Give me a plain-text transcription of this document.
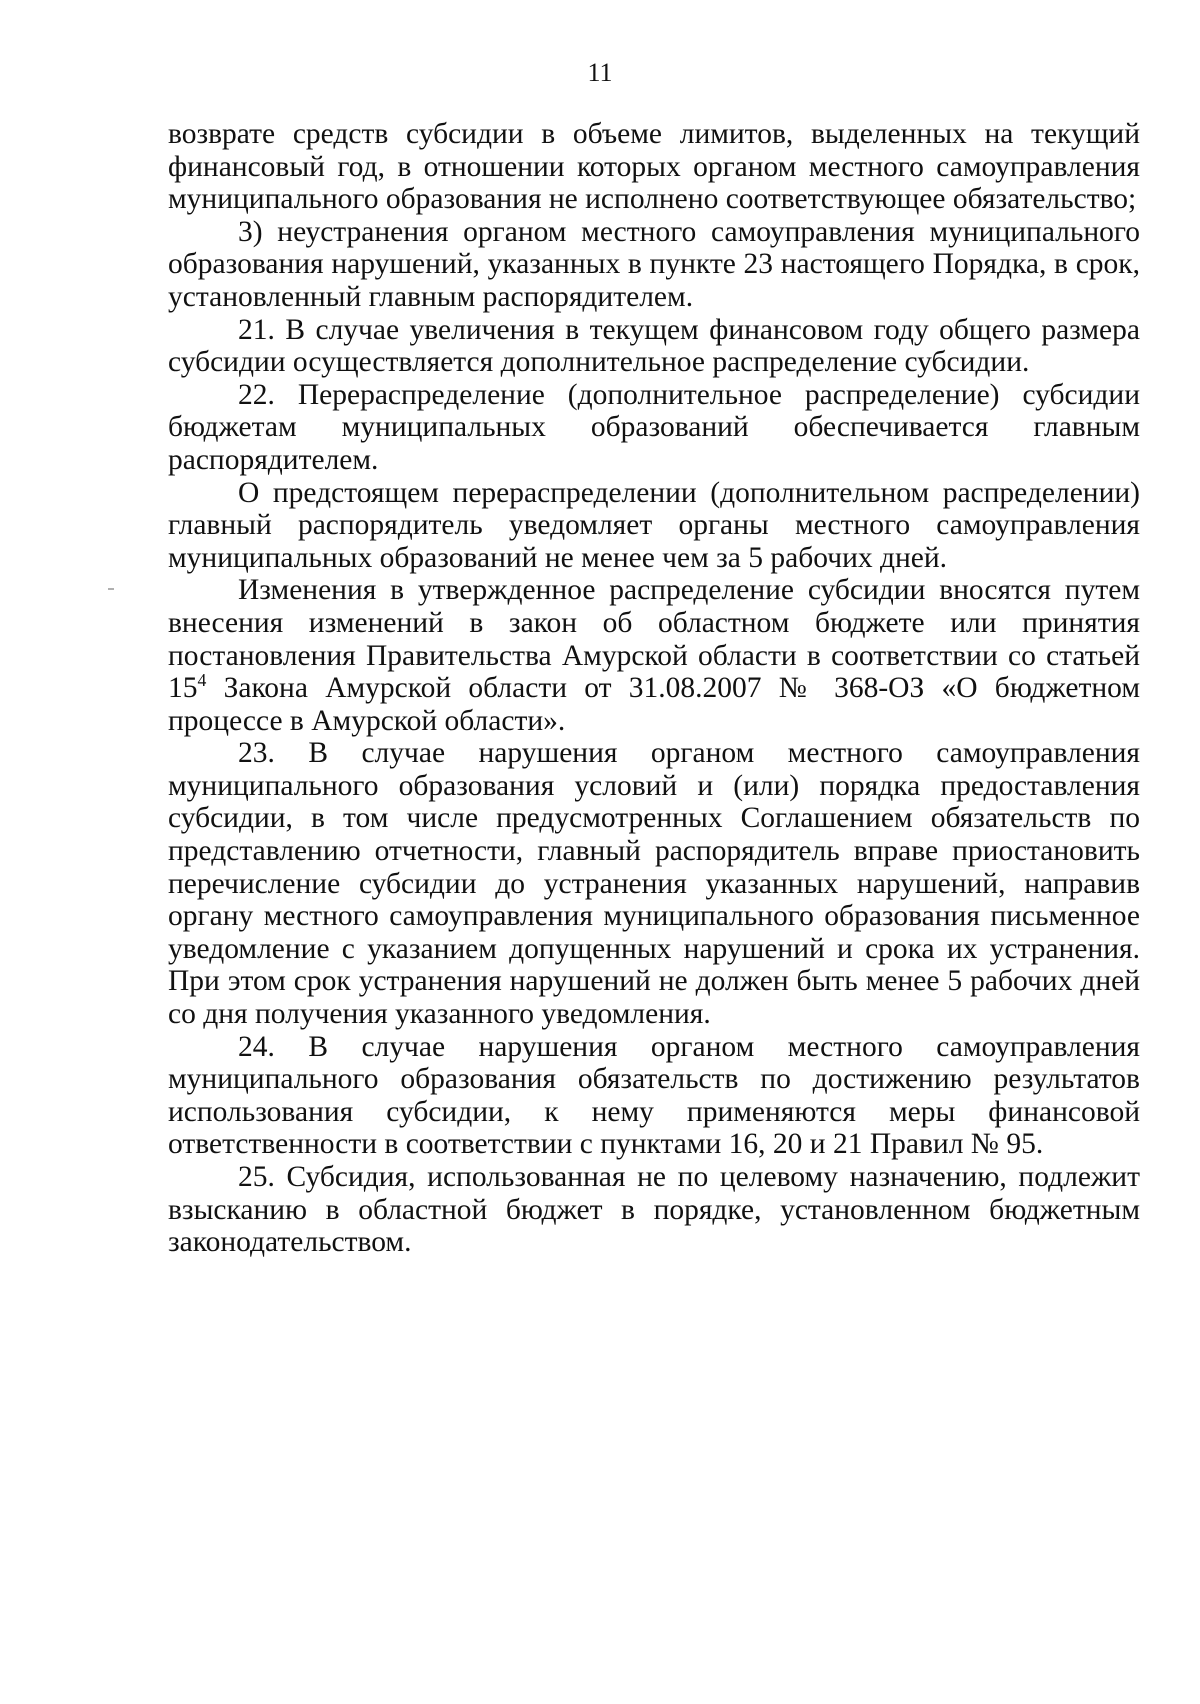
11

возврате средств субсидии в объеме лимитов, выделенных на текущий финансовый год, в отношении которых органом местного самоуправления муниципального образования не исполнено соответствующее обязательство;

3) неустранения органом местного самоуправления муниципального образования нарушений, указанных в пункте 23 настоящего Порядка, в срок, установленный главным распорядителем.

21. В случае увеличения в текущем финансовом году общего размера субсидии осуществляется дополнительное распределение субсидии.

22. Перераспределение (дополнительное распределение) субсидии бюджетам муниципальных образований обеспечивается главным распорядителем.

О предстоящем перераспределении (дополнительном распределении) главный распорядитель уведомляет органы местного самоуправления муниципальных образований не менее чем за 5 рабочих дней.

Изменения в утвержденное распределение субсидии вносятся путем внесения изменений в закон об областном бюджете или принятия постановления Правительства Амурской области в соответствии со статьей $15^4$ Закона Амурской области от 31.08.2007 № 368-ОЗ «О бюджетном процессе в Амурской области».

23. В случае нарушения органом местного самоуправления муниципального образования условий и (или) порядка предоставления субсидии, в том числе предусмотренных Соглашением обязательств по представлению отчетности, главный распорядитель вправе приостановить перечисление субсидии до устранения указанных нарушений, направив органу местного самоуправления муниципального образования письменное уведомление с указанием допущенных нарушений и срока их устранения. При этом срок устранения нарушений не должен быть менее 5 рабочих дней со дня получения указанного уведомления.

24. В случае нарушения органом местного самоуправления муниципального образования обязательств по достижению результатов использования субсидии, к нему применяются меры финансовой ответственности в соответствии с пунктами 16, 20 и 21 Правил № 95.

25. Субсидия, использованная не по целевому назначению, подлежит взысканию в областной бюджет в порядке, установленном бюджетным законодательством.
